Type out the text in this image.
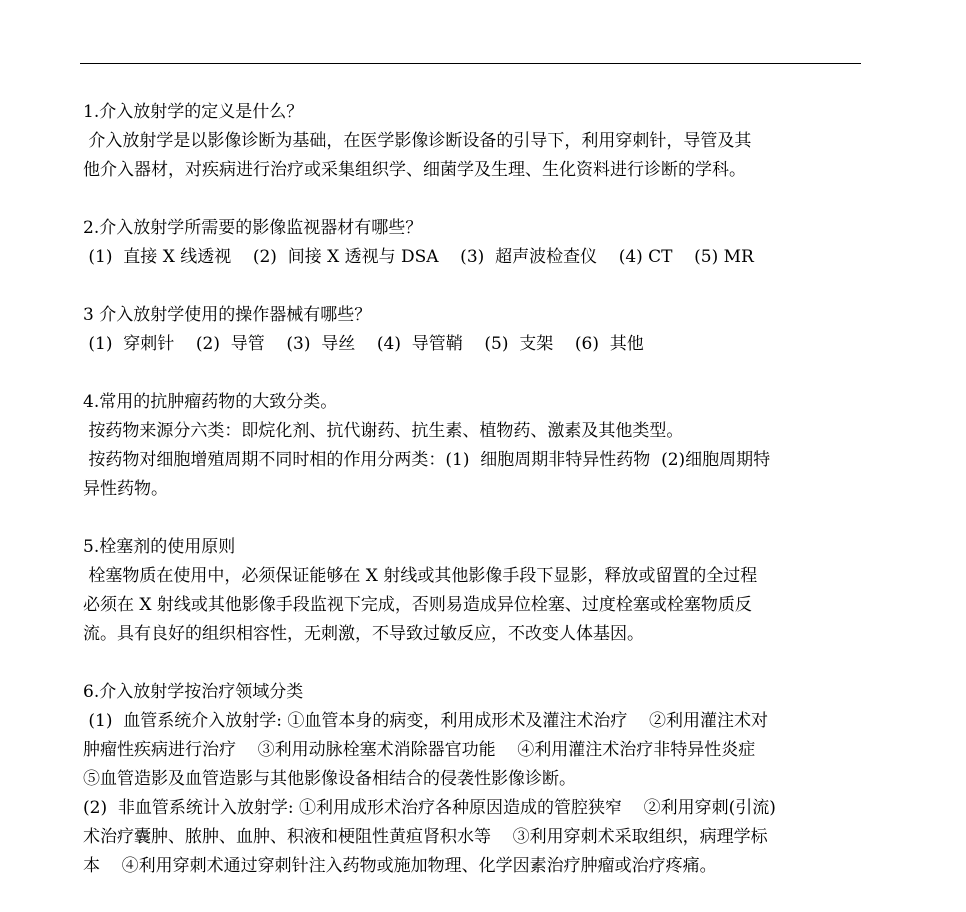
1.介入放射学的定义是什么？

介入放射学是以影像诊断为基础，在医学影像诊断设备的引导下，利用穿刺针，导管及其

他介入器材，对疾病进行治疗或采集组织学、细菌学及生理、生化资料进行诊断的学科。

2.介入放射学所需要的影像监视器材有哪些？

(1)  直接 X 线透视    (2)  间接 X 透视与 DSA    (3)  超声波检查仪    (4) CT    (5) MR

3 介入放射学使用的操作器械有哪些？

(1)  穿刺针    (2)  导管    (3)  导丝    (4)  导管鞘    (5)  支架    (6)  其他

4.常用的抗肿瘤药物的大致分类。

按药物来源分六类：即烷化剂、抗代谢药、抗生素、植物药、激素及其他类型。

按药物对细胞增殖周期不同时相的作用分两类：(1)  细胞周期非特异性药物  (2)细胞周期特

异性药物。

5.栓塞剂的使用原则

栓塞物质在使用中，必须保证能够在 X 射线或其他影像手段下显影，释放或留置的全过程

必须在 X 射线或其他影像手段监视下完成，否则易造成异位栓塞、过度栓塞或栓塞物质反

流。具有良好的组织相容性，无刺激，不导致过敏反应，不改变人体基因。

6.介入放射学按治疗领域分类

(1)  血管系统介入放射学: ①血管本身的病变，利用成形术及灌注术治疗    ②利用灌注术对

肿瘤性疾病进行治疗    ③利用动脉栓塞术消除器官功能    ④利用灌注术治疗非特异性炎症

⑤血管造影及血管造影与其他影像设备相结合的侵袭性影像诊断。

(2)  非血管系统计入放射学: ①利用成形术治疗各种原因造成的管腔狭窄    ②利用穿刺(引流)

术治疗囊肿、脓肿、血肿、积液和梗阻性黄疸肾积水等    ③利用穿刺术采取组织，病理学标

本    ④利用穿刺术通过穿刺针注入药物或施加物理、化学因素治疗肿瘤或治疗疼痛。
